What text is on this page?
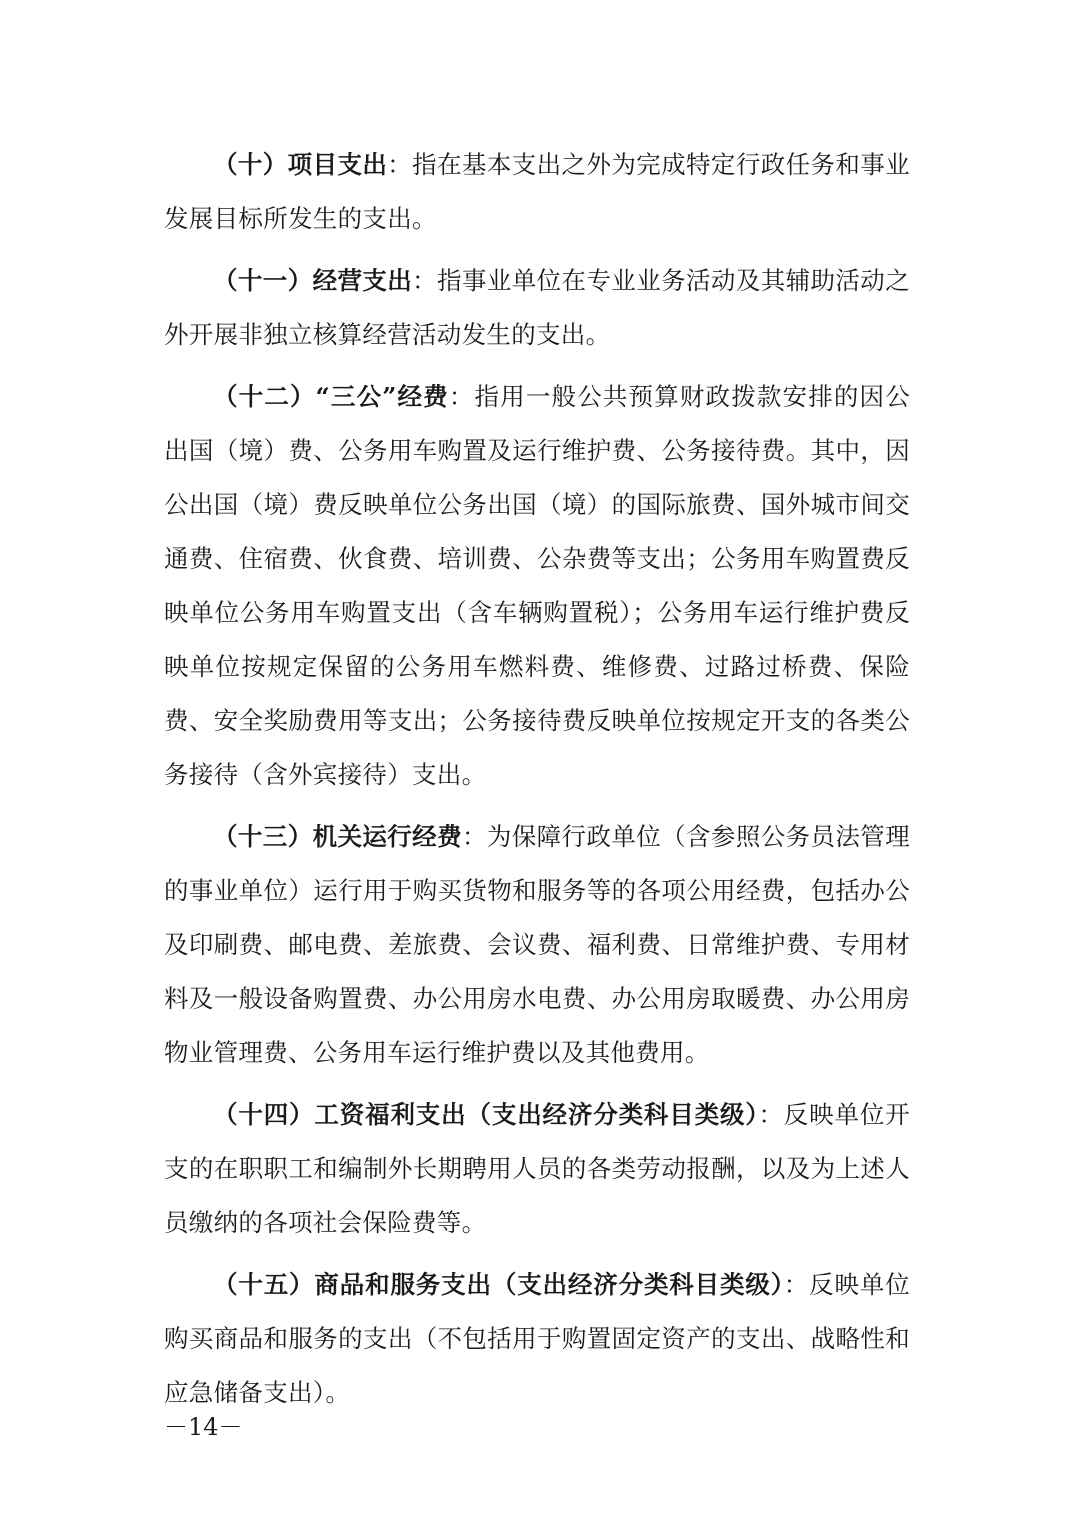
（十）项目支出：指在基本支出之外为完成特定行政任务和事业发展目标所发生的支出。

（十一）经营支出：指事业单位在专业业务活动及其辅助活动之外开展非独立核算经营活动发生的支出。

（十二）“三公”经费：指用一般公共预算财政拨款安排的因公出国（境）费、公务用车购置及运行维护费、公务接待费。其中，因公出国（境）费反映单位公务出国（境）的国际旅费、国外城市间交通费、住宿费、伙食费、培训费、公杂费等支出；公务用车购置费反映单位公务用车购置支出（含车辆购置税）；公务用车运行维护费反映单位按规定保留的公务用车燃料费、维修费、过路过桥费、保险费、安全奖励费用等支出；公务接待费反映单位按规定开支的各类公务接待（含外宾接待）支出。

（十三）机关运行经费：为保障行政单位（含参照公务员法管理的事业单位）运行用于购买货物和服务等的各项公用经费，包括办公及印刷费、邮电费、差旅费、会议费、福利费、日常维护费、专用材料及一般设备购置费、办公用房水电费、办公用房取暖费、办公用房物业管理费、公务用车运行维护费以及其他费用。

（十四）工资福利支出（支出经济分类科目类级）：反映单位开支的在职职工和编制外长期聘用人员的各类劳动报酬，以及为上述人员缴纳的各项社会保险费等。

（十五）商品和服务支出（支出经济分类科目类级）：反映单位购买商品和服务的支出（不包括用于购置固定资产的支出、战略性和应急储备支出）。

－14－
